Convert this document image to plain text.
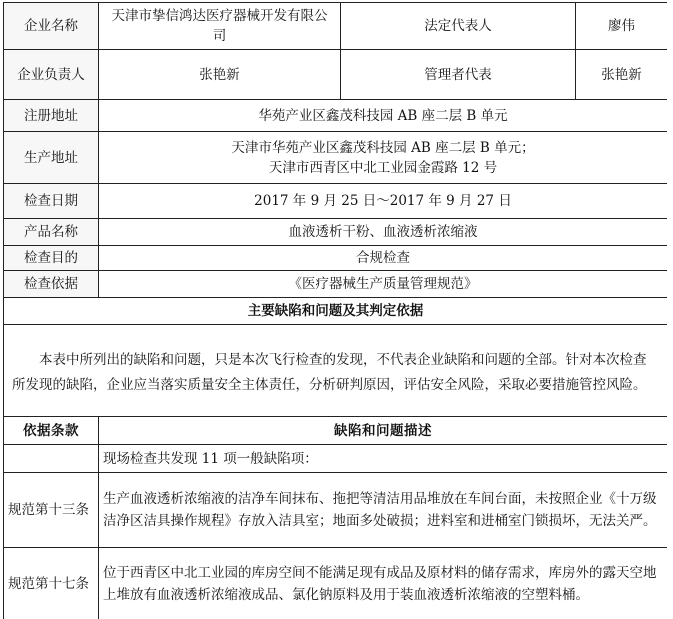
企业名称	天津市挚信鸿达医疗器械开发有限公司	法定代表人	廖伟
企业负责人	张艳新	管理者代表	张艳新
注册地址	华苑产业区鑫茂科技园 AB 座二层 B 单元		
生产地址	天津市华苑产业区鑫茂科技园 AB 座二层 B 单元；
天津市西青区中北工业园金霞路 12 号		

检查日期	2017 年 9 月 25 日～2017 年 9 月 27 日		
产品名称	血液透析干粉、血液透析浓缩液		
检查目的	合规检查		
检查依据	《医疗器械生产质量管理规范》		
主要缺陷和问题及其判定依据	
本表中所列出的缺陷和问题，只是本次飞行检查的发现，不代表企业缺陷和问题的全部。针对本次检查所发现的缺陷，企业应当落实质量安全主体责任，分析研判原因，评估安全风险，采取必要措施管控风险。	
依据条款	缺陷和问题描述
	现场检查共发现 11 项一般缺陷项：
规范第十三条	生产血液透析浓缩液的洁净车间抹布、拖把等清洁用品堆放在车间台面，未按照企业《十万级洁净区洁具操作规程》存放入洁具室；地面多处破损；进料室和进桶室门锁损坏，无法关严。
规范第十七条	位于西青区中北工业园的库房空间不能满足现有成品及原材料的储存需求，库房外的露天空地上堆放有血液透析浓缩液成品、氯化钠原料及用于装血液透析浓缩液的空塑料桶。
